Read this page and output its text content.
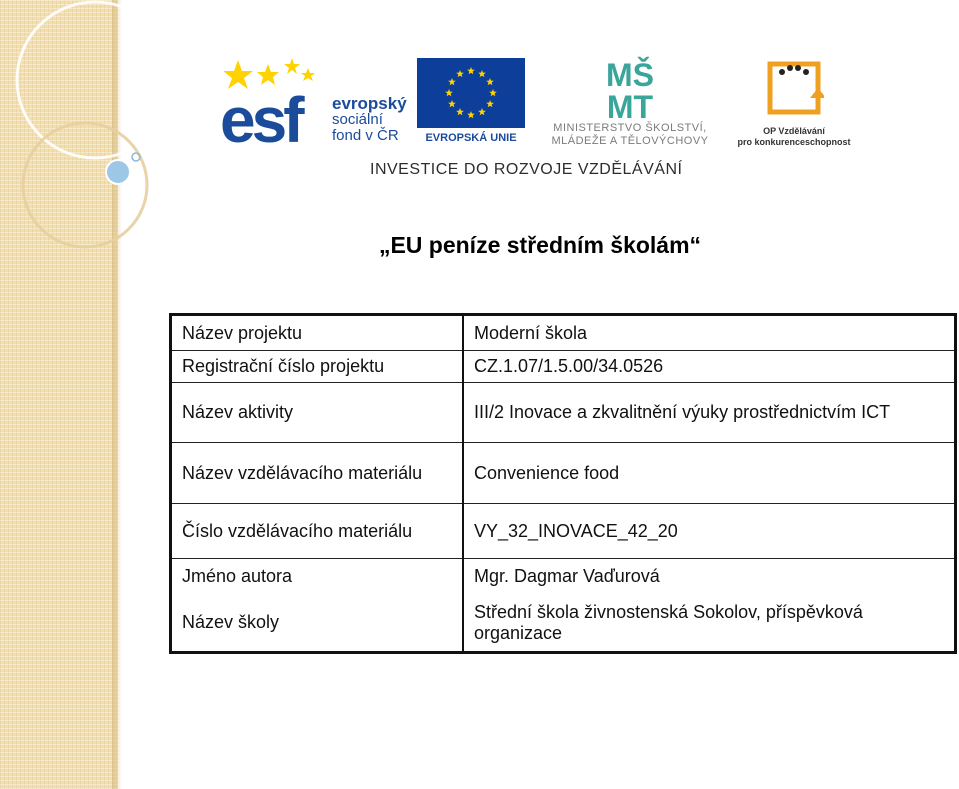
esf evropský
sociální
fond v ČR	EVROPSKÁ UNIE
MŠ
MT
MINISTERSTVO ŠKOLSTVÍ,
MLÁDEŽE A TĚLOVÝCHOVY
OP Vzdělávání
pro konkurenceschopnost
INVESTICE DO ROZVOJE VZDĚLÁVÁNÍ
„EU peníze středním školám“
Název projektu	Moderní škola
Registrační číslo projektu	CZ.1.07/1.5.00/34.0526
Název aktivity	III/2 Inovace a zkvalitnění výuky prostřednictvím ICT
Název vzdělávacího materiálu	Convenience food
Číslo vzdělávacího materiálu	VY_32_INOVACE_42_20
Jméno autora	Mgr. Dagmar Vaďurová
Název školy	Střední škola živnostenská Sokolov, příspěvková organizace
